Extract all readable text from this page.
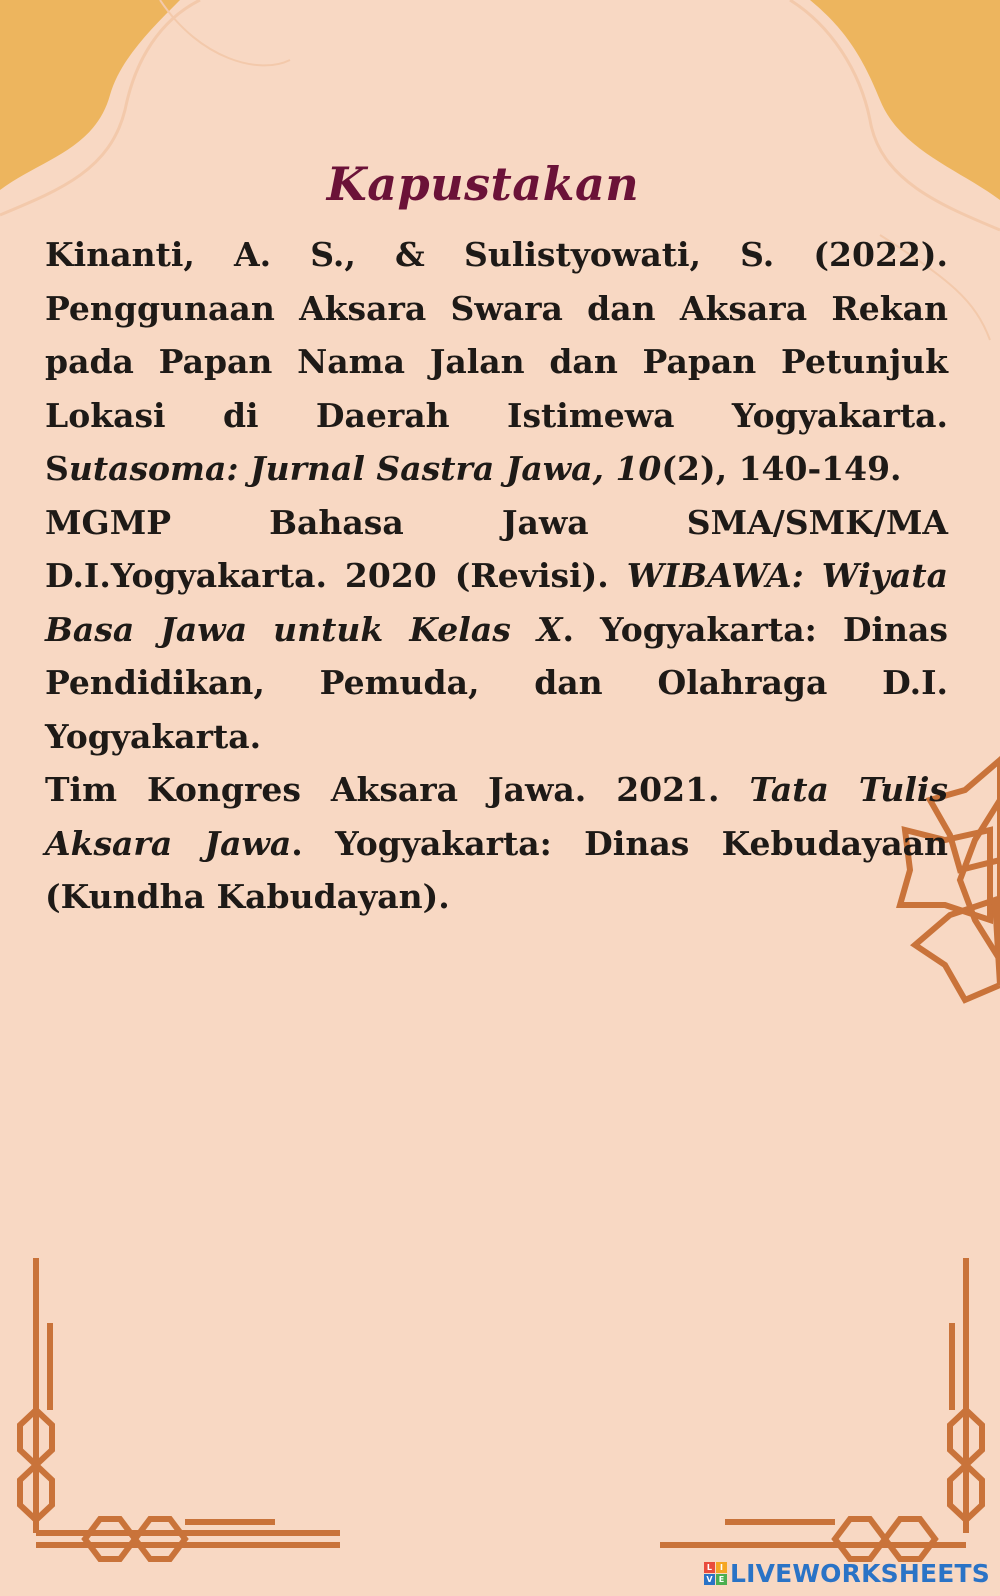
Kapustakan

Kinanti, A. S., & Sulistyowati, S. (2022). Penggunaan Aksara Swara dan Aksara Rekan pada Papan Nama Jalan dan Papan Petunjuk Lokasi di Daerah Istimewa Yogyakarta. Sutasoma: Jurnal Sastra Jawa, 10(2), 140-149.

MGMP Bahasa Jawa SMA/SMK/MA D.I.Yogyakarta. 2020 (Revisi). WIBAWA: Wiyata Basa Jawa untuk Kelas X. Yogyakarta: Dinas Pendidikan, Pemuda, dan Olahraga D.I. Yogyakarta.

Tim Kongres Aksara Jawa. 2021. Tata Tulis Aksara Jawa. Yogyakarta: Dinas Kebudayaan (Kundha Kabudayan).

L I
V E LIVEWORKSHEETS
